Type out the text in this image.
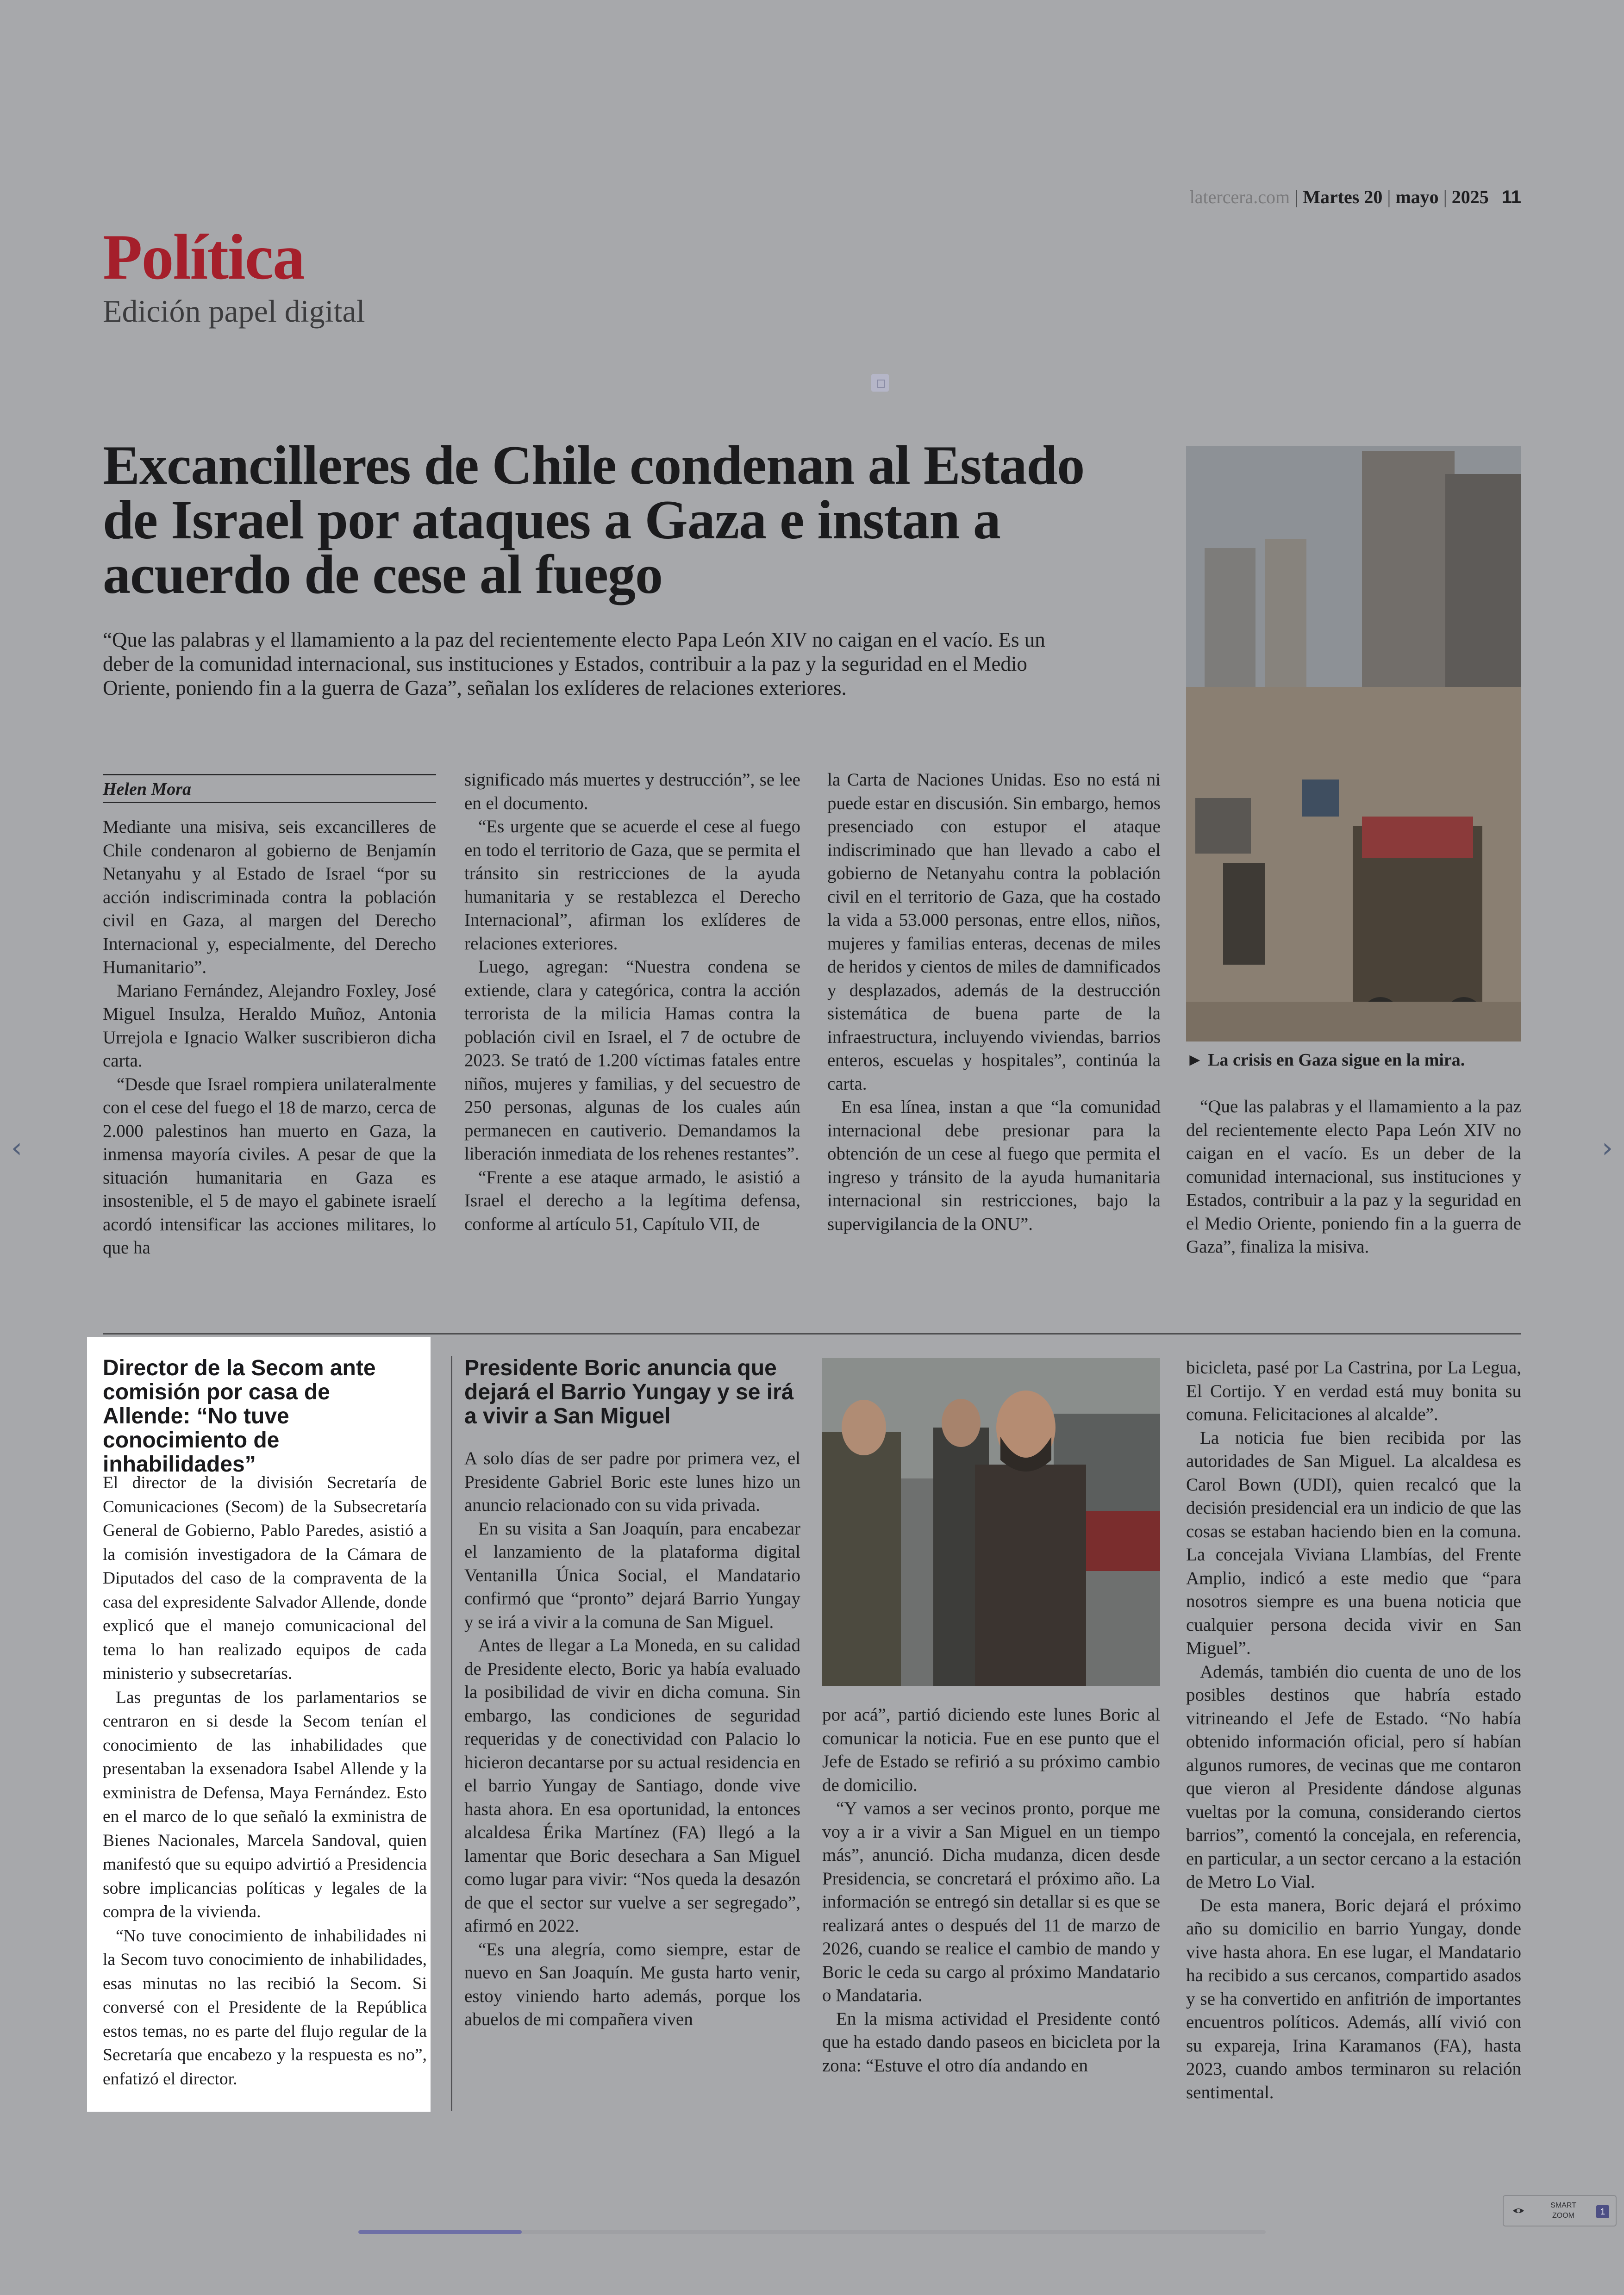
latercera.com | Martes 20 | mayo | 2025 11
Política
Edición papel digital
Excancilleres de Chile condenan al Estado de Israel por ataques a Gaza e instan a acuerdo de cese al fuego

“Que las palabras y el llamamiento a la paz del recientemente electo Papa León XIV no caigan en el vacío. Es un deber de la comunidad internacional, sus instituciones y Estados, contribuir a la paz y la seguridad en el Medio Oriente, poniendo fin a la guerra de Gaza”, señalan los exlíderes de relaciones exteriores.

► La crisis en Gaza sigue en la mira.
Helen Mora

Mediante una misiva, seis excancilleres de Chile condenaron al gobierno de Benjamín Netanyahu y al Estado de Israel “por su acción indiscriminada contra la población civil en Gaza, al margen del Derecho Internacional y, especialmente, del Derecho Humanitario”.

Mariano Fernández, Alejandro Foxley, José Miguel Insulza, Heraldo Muñoz, Antonia Urrejola e Ignacio Walker suscribieron dicha carta.

“Desde que Israel rompiera unilateralmente con el cese del fuego el 18 de marzo, cerca de 2.000 palestinos han muerto en Gaza, la inmensa mayoría civiles. A pesar de que la situación humanitaria en Gaza es insostenible, el 5 de mayo el gabinete israelí acordó intensificar las acciones militares, lo que ha

significado más muertes y destrucción”, se lee en el documento.

“Es urgente que se acuerde el cese al fuego en todo el territorio de Gaza, que se permita el tránsito sin restricciones de la ayuda humanitaria y se restablezca el Derecho Internacional”, afirman los exlíderes de relaciones exteriores.

Luego, agregan: “Nuestra condena se extiende, clara y categórica, contra la acción terrorista de la milicia Hamas contra la población civil en Israel, el 7 de octubre de 2023. Se trató de 1.200 víctimas fatales entre niños, mujeres y familias, y del secuestro de 250 personas, algunas de los cuales aún permanecen en cautiverio. Demandamos la liberación inmediata de los rehenes restantes”.

“Frente a ese ataque armado, le asistió a Israel el derecho a la legítima defensa, conforme al artículo 51, Capítulo VII, de

la Carta de Naciones Unidas. Eso no está ni puede estar en discusión. Sin embargo, hemos presenciado con estupor el ataque indiscriminado que han llevado a cabo el gobierno de Netanyahu contra la población civil en el territorio de Gaza, que ha costado la vida a 53.000 personas, entre ellos, niños, mujeres y familias enteras, decenas de miles de heridos y cientos de miles de damnificados y desplazados, además de la destrucción sistemática de buena parte de la infraestructura, incluyendo viviendas, barrios enteros, escuelas y hospitales”, continúa la carta.

En esa línea, instan a que “la comunidad internacional debe presionar para la obtención de un cese al fuego que permita el ingreso y tránsito de la ayuda humanitaria internacional sin restricciones, bajo la supervigilancia de la ONU”.

“Que las palabras y el llamamiento a la paz del recientemente electo Papa León XIV no caigan en el vacío. Es un deber de la comunidad internacional, sus instituciones y Estados, contribuir a la paz y la seguridad en el Medio Oriente, poniendo fin a la guerra de Gaza”, finaliza la misiva.

Director de la Secom ante comisión por casa de Allende: “No tuve conocimiento de inhabilidades”

El director de la división Secretaría de Comunicaciones (Secom) de la Subsecretaría General de Gobierno, Pablo Paredes, asistió a la comisión investigadora de la Cámara de Diputados del caso de la compraventa de la casa del expresidente Salvador Allende, donde explicó que el manejo comunicacional del tema lo han realizado equipos de cada ministerio y subsecretarías.

Las preguntas de los parlamentarios se centraron en si desde la Secom tenían el conocimiento de las inhabilidades que presentaban la exsenadora Isabel Allende y la exministra de Defensa, Maya Fernández. Esto en el marco de lo que señaló la exministra de Bienes Nacionales, Marcela Sandoval, quien manifestó que su equipo advirtió a Presidencia sobre implicancias políticas y legales de la compra de la vivienda.

“No tuve conocimiento de inhabilidades ni la Secom tuvo conocimiento de inhabilidades, esas minutas no las recibió la Secom. Si conversé con el Presidente de la República estos temas, no es parte del flujo regular de la Secretaría que encabezo y la respuesta es no”, enfatizó el director.

Presidente Boric anuncia que dejará el Barrio Yungay y se irá a vivir a San Miguel

A solo días de ser padre por primera vez, el Presidente Gabriel Boric este lunes hizo un anuncio relacionado con su vida privada.

En su visita a San Joaquín, para encabezar el lanzamiento de la plataforma digital Ventanilla Única Social, el Mandatario confirmó que “pronto” dejará Barrio Yungay y se irá a vivir a la comuna de San Miguel.

Antes de llegar a La Moneda, en su calidad de Presidente electo, Boric ya había evaluado la posibilidad de vivir en dicha comuna. Sin embargo, las condiciones de seguridad requeridas y de conectividad con Palacio lo hicieron decantarse por su actual residencia en el barrio Yungay de Santiago, donde vive hasta ahora. En esa oportunidad, la entonces alcaldesa Érika Martínez (FA) llegó a la lamentar que Boric desechara a San Miguel como lugar para vivir: “Nos queda la desazón de que el sector sur vuelve a ser segregado”, afirmó en 2022.

“Es una alegría, como siempre, estar de nuevo en San Joaquín. Me gusta harto venir, estoy viniendo harto además, porque los abuelos de mi compañera viven

por acá”, partió diciendo este lunes Boric al comunicar la noticia. Fue en ese punto que el Jefe de Estado se refirió a su próximo cambio de domicilio.

“Y vamos a ser vecinos pronto, porque me voy a ir a vivir a San Miguel en un tiempo más”, anunció. Dicha mudanza, dicen desde Presidencia, se concretará el próximo año. La información se entregó sin detallar si es que se realizará antes o después del 11 de marzo de 2026, cuando se realice el cambio de mando y Boric le ceda su cargo al próximo Mandatario o Mandataria.

En la misma actividad el Presidente contó que ha estado dando paseos en bicicleta por la zona: “Estuve el otro día andando en

bicicleta, pasé por La Castrina, por La Legua, El Cortijo. Y en verdad está muy bonita su comuna. Felicitaciones al alcalde”.

La noticia fue bien recibida por las autoridades de San Miguel. La alcaldesa es Carol Bown (UDI), quien recalcó que la decisión presidencial era un indicio de que las cosas se estaban haciendo bien en la comuna. La concejala Viviana Llambías, del Frente Amplio, indicó a este medio que “para nosotros siempre es una buena noticia que cualquier persona decida vivir en San Miguel”.

Además, también dio cuenta de uno de los posibles destinos que habría estado vitrineando el Jefe de Estado. “No había obtenido información oficial, pero sí habían algunos rumores, de vecinas que me contaron que vieron al Presidente dándose algunas vueltas por la comuna, considerando ciertos barrios”, comentó la concejala, en referencia, en particular, a un sector cercano a la estación de Metro Lo Vial.

De esta manera, Boric dejará el próximo año su domicilio en barrio Yungay, donde vive hasta ahora. En ese lugar, el Mandatario ha recibido a sus cercanos, compartido asados y se ha convertido en anfitrión de importantes encuentros políticos. Además, allí vivió con su expareja, Irina Karamanos (FA), hasta 2023, cuando ambos terminaron su relación sentimental.

‹	›
SMART ZOOM	1
